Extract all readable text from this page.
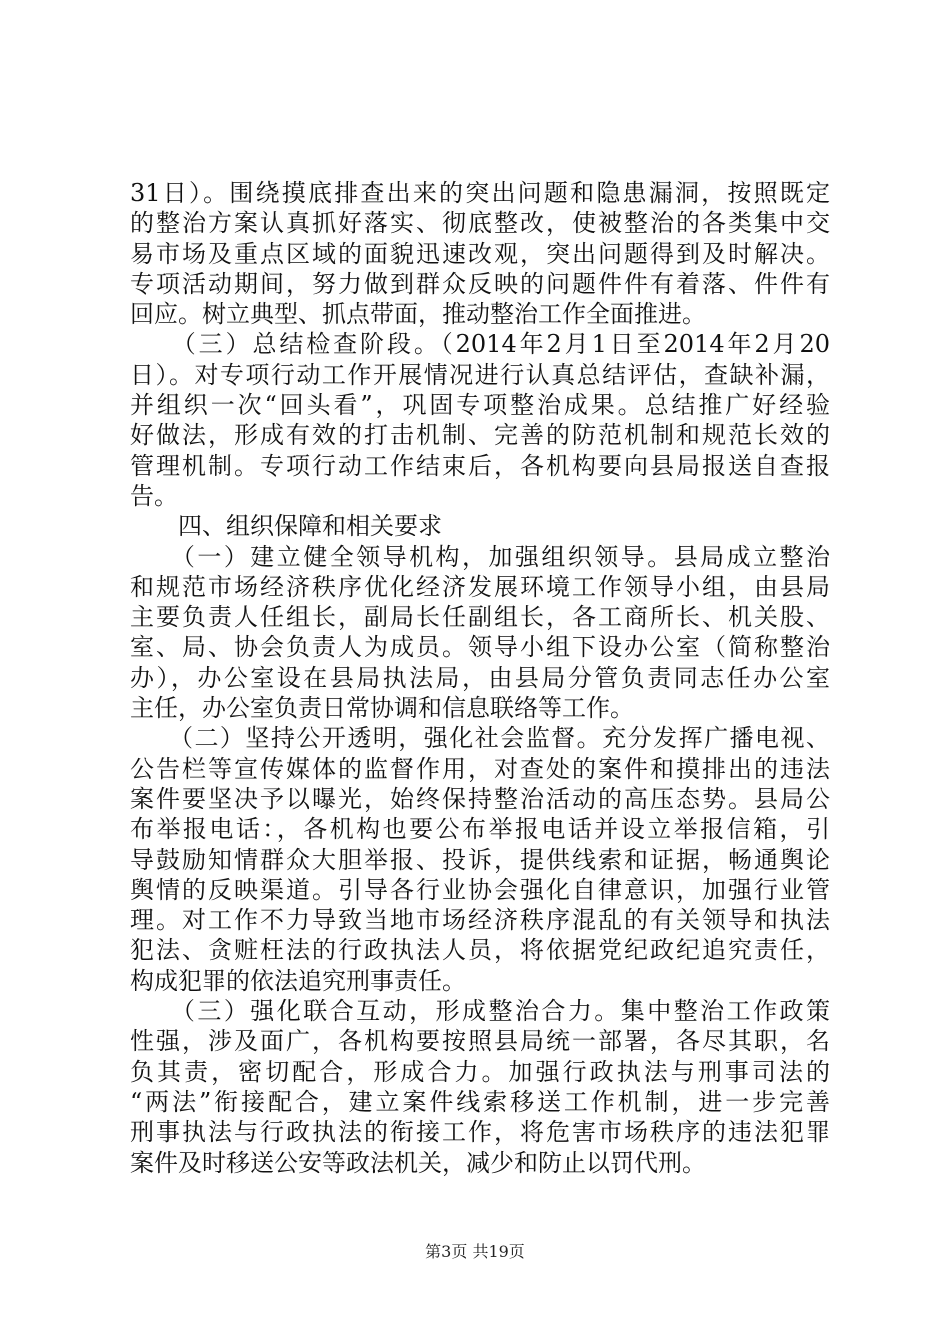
31日）。围绕摸底排查出来的突出问题和隐患漏洞，按照既定
的整治方案认真抓好落实、彻底整改，使被整治的各类集中交
易市场及重点区域的面貌迅速改观，突出问题得到及时解决。
专项活动期间，努力做到群众反映的问题件件有着落、件件有
回应。树立典型、抓点带面，推动整治工作全面推进。
　　（三）总结检查阶段。（2014年2月1日至2014年2月20
日）。对专项行动工作开展情况进行认真总结评估，查缺补漏，
并组织一次“回头看”，巩固专项整治成果。总结推广好经验
好做法，形成有效的打击机制、完善的防范机制和规范长效的
管理机制。专项行动工作结束后，各机构要向县局报送自查报
告。
　　四、组织保障和相关要求
　　（一）建立健全领导机构，加强组织领导。县局成立整治
和规范市场经济秩序优化经济发展环境工作领导小组，由县局
主要负责人任组长，副局长任副组长，各工商所长、机关股、
室、局、协会负责人为成员。领导小组下设办公室（简称整治
办），办公室设在县局执法局，由县局分管负责同志任办公室
主任，办公室负责日常协调和信息联络等工作。
　　（二）坚持公开透明，强化社会监督。充分发挥广播电视、
公告栏等宣传媒体的监督作用，对查处的案件和摸排出的违法
案件要坚决予以曝光，始终保持整治活动的高压态势。县局公
布举报电话：，各机构也要公布举报电话并设立举报信箱，引
导鼓励知情群众大胆举报、投诉，提供线索和证据，畅通舆论
舆情的反映渠道。引导各行业协会强化自律意识，加强行业管
理。对工作不力导致当地市场经济秩序混乱的有关领导和执法
犯法、贪赃枉法的行政执法人员，将依据党纪政纪追究责任，
构成犯罪的依法追究刑事责任。
　　（三）强化联合互动，形成整治合力。集中整治工作政策
性强，涉及面广，各机构要按照县局统一部署，各尽其职，名
负其责，密切配合，形成合力。加强行政执法与刑事司法的
“两法”衔接配合，建立案件线索移送工作机制，进一步完善
刑事执法与行政执法的衔接工作，将危害市场秩序的违法犯罪
案件及时移送公安等政法机关，减少和防止以罚代刑。
第3页 共19页
